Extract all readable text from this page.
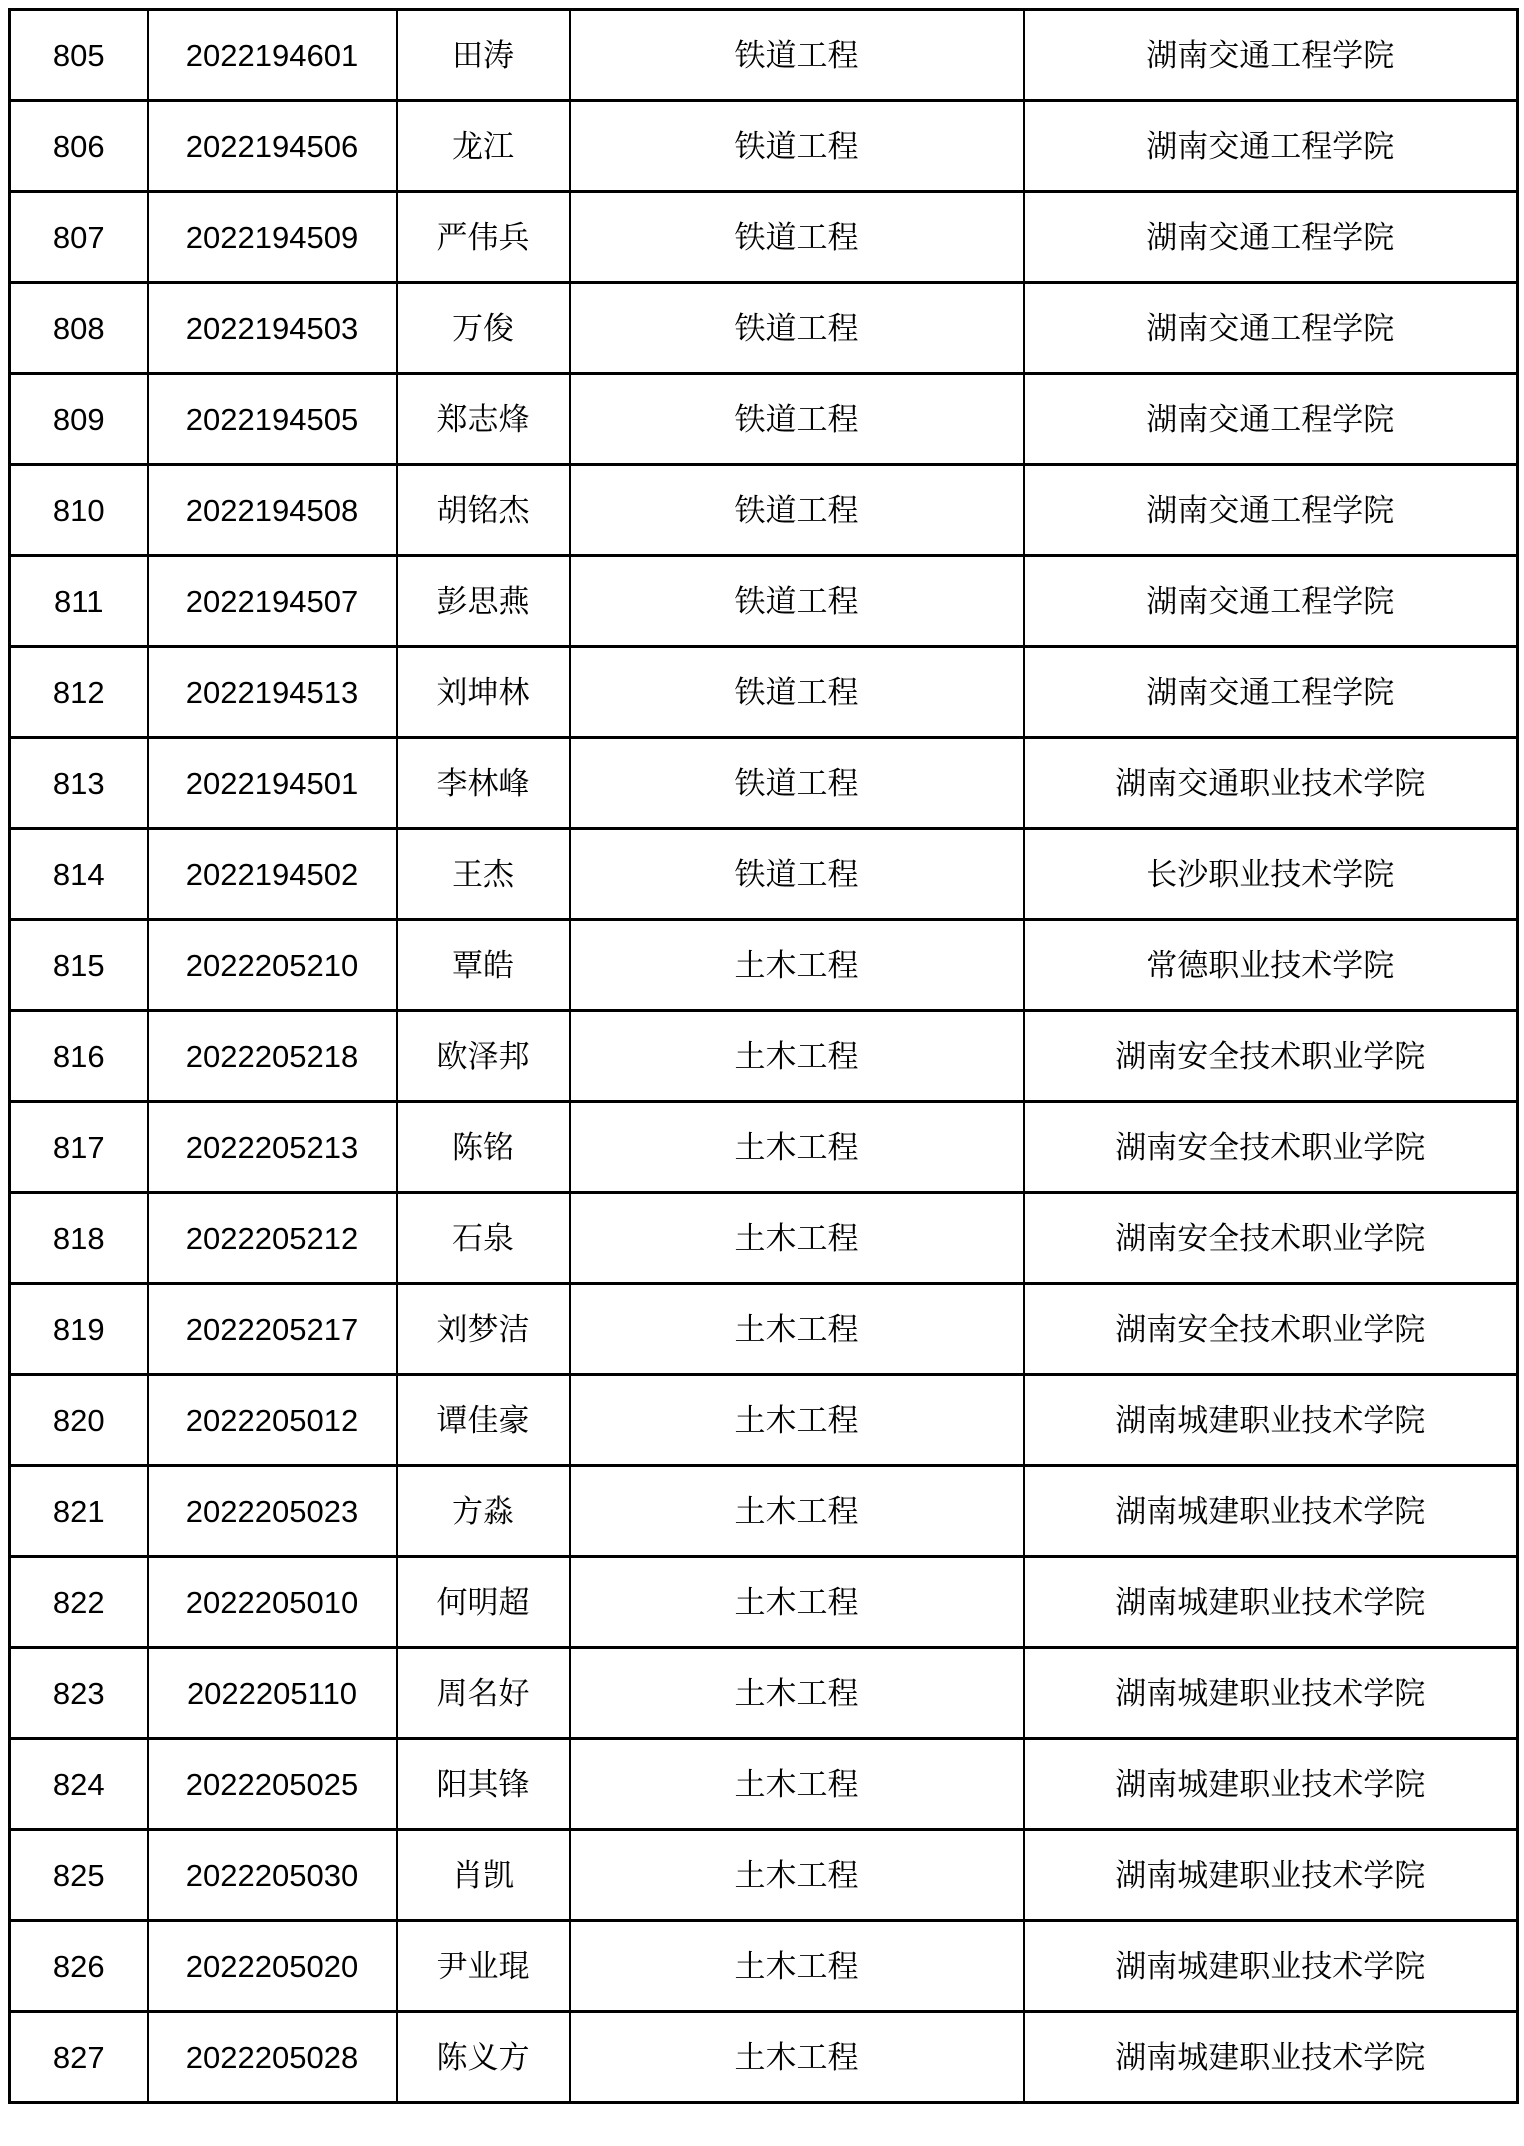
805	2022194601	田涛	铁道工程	湖南交通工程学院
806	2022194506	龙江	铁道工程	湖南交通工程学院
807	2022194509	严伟兵	铁道工程	湖南交通工程学院
808	2022194503	万俊	铁道工程	湖南交通工程学院
809	2022194505	郑志烽	铁道工程	湖南交通工程学院
810	2022194508	胡铭杰	铁道工程	湖南交通工程学院
811	2022194507	彭思燕	铁道工程	湖南交通工程学院
812	2022194513	刘坤林	铁道工程	湖南交通工程学院
813	2022194501	李林峰	铁道工程	湖南交通职业技术学院
814	2022194502	王杰	铁道工程	长沙职业技术学院
815	2022205210	覃皓	土木工程	常德职业技术学院
816	2022205218	欧泽邦	土木工程	湖南安全技术职业学院
817	2022205213	陈铭	土木工程	湖南安全技术职业学院
818	2022205212	石泉	土木工程	湖南安全技术职业学院
819	2022205217	刘梦洁	土木工程	湖南安全技术职业学院
820	2022205012	谭佳豪	土木工程	湖南城建职业技术学院
821	2022205023	方淼	土木工程	湖南城建职业技术学院
822	2022205010	何明超	土木工程	湖南城建职业技术学院
823	2022205110	周名好	土木工程	湖南城建职业技术学院
824	2022205025	阳其锋	土木工程	湖南城建职业技术学院
825	2022205030	肖凯	土木工程	湖南城建职业技术学院
826	2022205020	尹业琨	土木工程	湖南城建职业技术学院
827	2022205028	陈义方	土木工程	湖南城建职业技术学院
